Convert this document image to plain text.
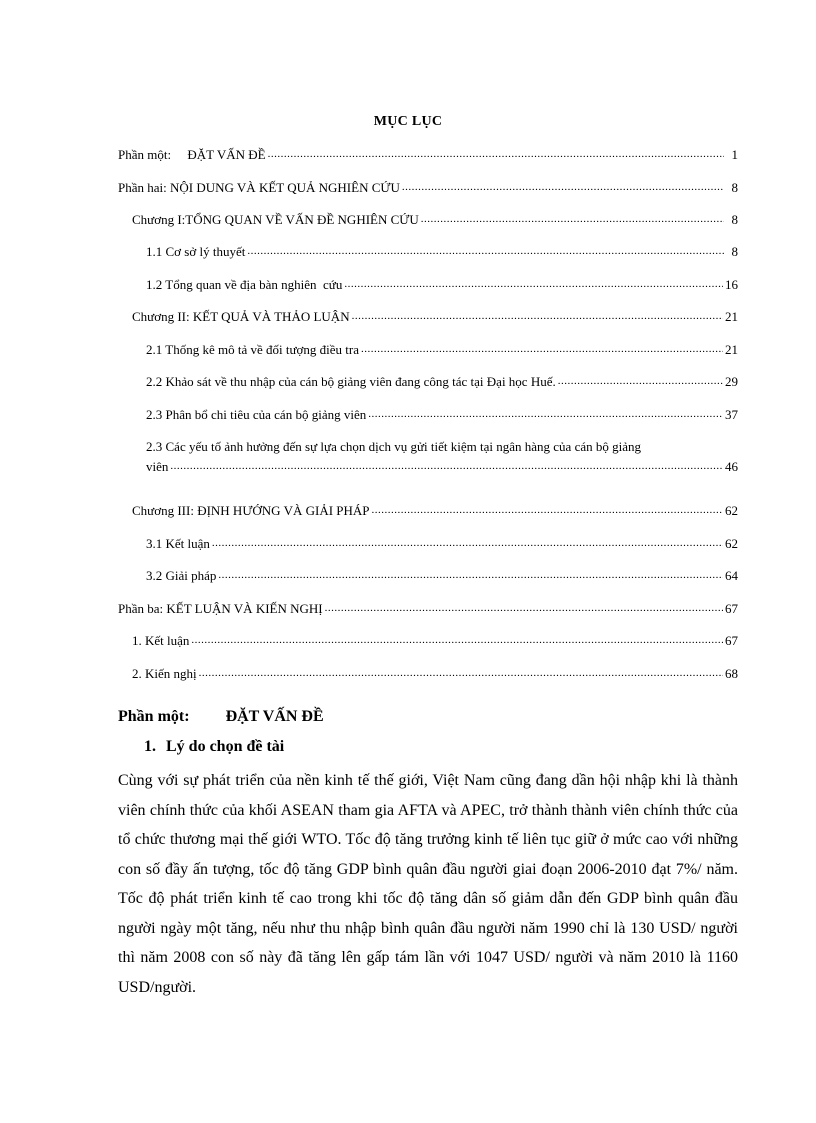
MỤC LỤC
Phần một:     ĐẶT VẤN ĐỀ .....	1
Phần hai: NỘI DUNG VÀ KẾT QUẢ NGHIÊN CỨU .....	8
Chương I:TỔNG QUAN VỀ VẤN ĐỀ NGHIÊN CỨU .....	8
1.1 Cơ sở lý thuyết .....	8
1.2 Tổng quan về địa bàn nghiên  cứu .....	16
Chương II: KẾT QUẢ VÀ THẢO LUẬN .....	21
2.1 Thống kê mô tả về đối tượng điều tra .....	21
2.2 Khảo sát về thu nhập của cán bộ giảng viên đang công tác tại Đại học Huế. .....	29
2.3 Phân bổ chi tiêu của cán bộ giảng viên .....	37
2.3 Các yếu tố ảnh hưởng đến sự lựa chọn dịch vụ gửi tiết kiệm tại ngân hàng của cán bộ giảng
viên .....	46
Chương III: ĐỊNH HƯỚNG VÀ GIẢI PHÁP .....	62
3.1 Kết luận .....	62
3.2 Giải pháp .....	64
Phần ba: KẾT LUẬN VÀ KIẾN NGHỊ .....	67
1. Kết luận .....	67
2. Kiến nghị .....	68
Phần một: ĐẶT VẤN ĐỀ
1. Lý do chọn đề tài
Cùng với sự phát triển của nền kinh tế thế giới, Việt Nam cũng đang dần hội nhập khi là thành viên chính thức của khối ASEAN tham gia AFTA và APEC, trở thành thành viên chính thức của tổ chức thương mại thế giới WTO. Tốc độ tăng trưởng kinh tế liên tục giữ ở mức cao với những con số đầy ấn tượng, tốc độ tăng GDP bình quân đầu người giai đoạn 2006-2010 đạt 7%/ năm. Tốc độ phát triển kinh tế cao trong khi tốc độ tăng dân số giảm dẫn đến GDP bình quân đầu người ngày một tăng, nếu như thu nhập bình quân đầu người năm 1990 chỉ là 130 USD/ người thì năm 2008 con số này đã tăng lên gấp tám lần với 1047 USD/ người và năm 2010 là 1160 USD/người.
